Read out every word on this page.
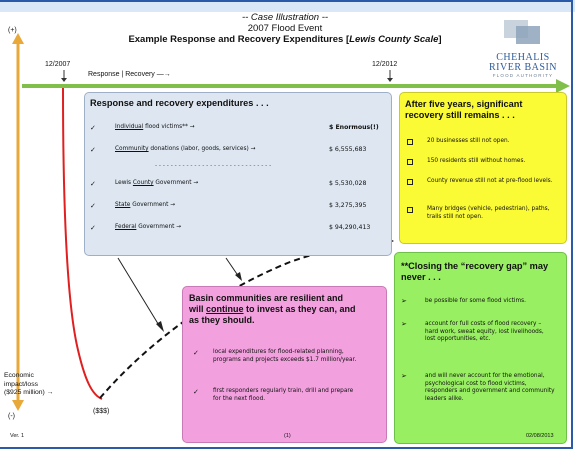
-- Case Illustration --
2007 Flood Event
Example Response and Recovery Expenditures [Lewis County Scale]
CHEHALIS
RIVER BASIN
FLOOD AUTHORITY
(+)
(-)
12/2007	12/2012
Response | Recovery —→
Economic
impact/loss
($925 million) →
($$$)
Response and recovery expenditures . . .
✓	Individual flood victims** →	$ Enormous(!)
✓	Community donations (labor, goods, services) →	$ 6,555,683
- - - - - - - - - - - - - - - - - - - - - - - - - - - - - -
✓	Lewis County Government →	$ 5,530,028
✓	State Government →	$ 3,275,395
✓	Federal Government →	$ 94,290,413
After five years, significant recovery still remains . . .
20 businesses still not open.
150 residents still without homes.
County revenue still not at pre-flood levels.
Many bridges (vehicle, pedestrian), paths, trails still not open.
Basin communities are resilient and
will continue to invest as they can, and
as they should.
✓ local expenditures for flood-related planning, programs and projects exceeds $1.7 million/year.
✓ first responders regularly train, drill and prepare for the next flood.
**Closing the “recovery gap” may never . . .
➢	be possible for some flood victims.
➢	account for full costs of flood recovery – hard work, sweat equity, lost livelihoods, lost opportunities, etc.
➢	and will never account for the emotional, psychological cost to flood victims, responders and government and community leaders alike.
Ver. 1	(1)	02/08/2013
